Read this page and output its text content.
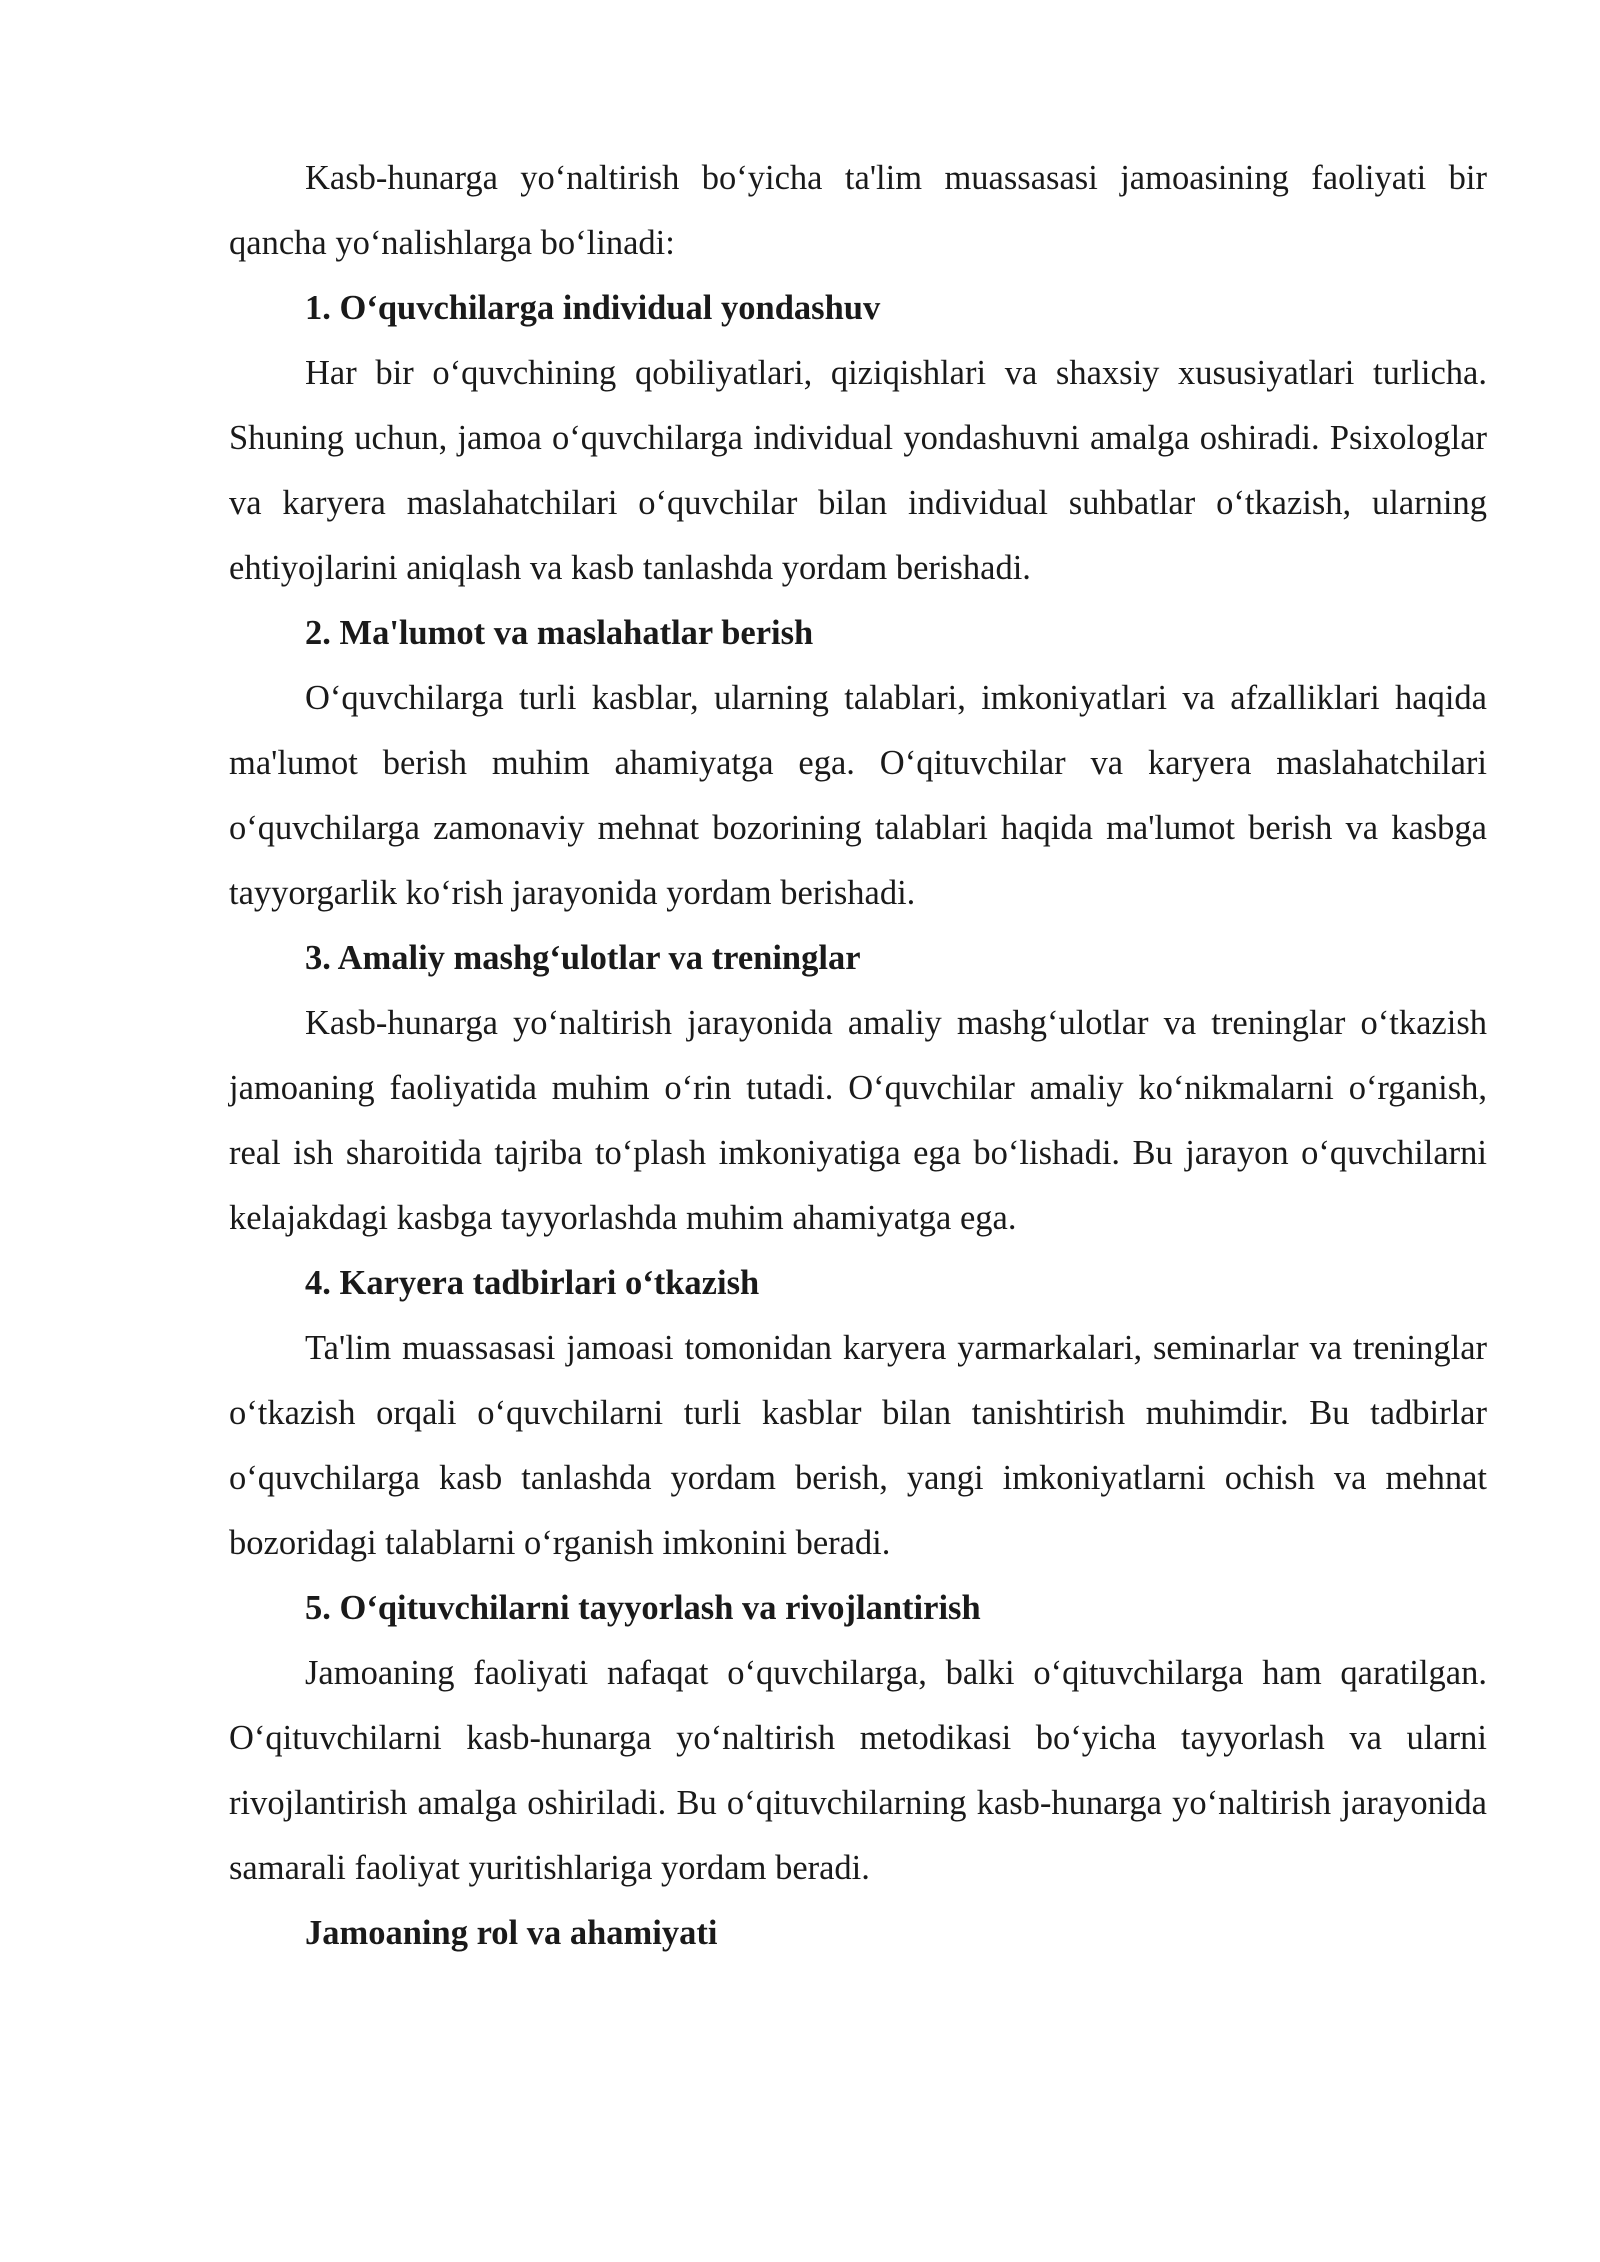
Kasb-hunarga yo‘naltirish bo‘yicha ta'lim muassasasi jamoasining faoliyati bir qancha yo‘nalishlarga bo‘linadi:

1. O‘quvchilarga individual yondashuv

Har bir o‘quvchining qobiliyatlari, qiziqishlari va shaxsiy xususiyatlari turlicha. Shuning uchun, jamoa o‘quvchilarga individual yondashuvni amalga oshiradi. Psixologlar va karyera maslahatchilari o‘quvchilar bilan individual suhbatlar o‘tkazish, ularning ehtiyojlarini aniqlash va kasb tanlashda yordam berishadi.

2. Ma'lumot va maslahatlar berish

O‘quvchilarga turli kasblar, ularning talablari, imkoniyatlari va afzalliklari haqida ma'lumot berish muhim ahamiyatga ega. O‘qituvchilar va karyera maslahatchilari o‘quvchilarga zamonaviy mehnat bozorining talablari haqida ma'lumot berish va kasbga tayyorgarlik ko‘rish jarayonida yordam berishadi.

3. Amaliy mashg‘ulotlar va treninglar

Kasb-hunarga yo‘naltirish jarayonida amaliy mashg‘ulotlar va treninglar o‘tkazish jamoaning faoliyatida muhim o‘rin tutadi. O‘quvchilar amaliy ko‘nikmalarni o‘rganish, real ish sharoitida tajriba to‘plash imkoniyatiga ega bo‘lishadi. Bu jarayon o‘quvchilarni kelajakdagi kasbga tayyorlashda muhim ahamiyatga ega.

4. Karyera tadbirlari o‘tkazish

Ta'lim muassasasi jamoasi tomonidan karyera yarmarkalari, seminarlar va treninglar o‘tkazish orqali o‘quvchilarni turli kasblar bilan tanishtirish muhimdir. Bu tadbirlar o‘quvchilarga kasb tanlashda yordam berish, yangi imkoniyatlarni ochish va mehnat bozoridagi talablarni o‘rganish imkonini beradi.

5. O‘qituvchilarni tayyorlash va rivojlantirish

Jamoaning faoliyati nafaqat o‘quvchilarga, balki o‘qituvchilarga ham qaratilgan. O‘qituvchilarni kasb-hunarga yo‘naltirish metodikasi bo‘yicha tayyorlash va ularni rivojlantirish amalga oshiriladi. Bu o‘qituvchilarning kasb-hunarga yo‘naltirish jarayonida samarali faoliyat yuritishlariga yordam beradi.

Jamoaning rol va ahamiyati
